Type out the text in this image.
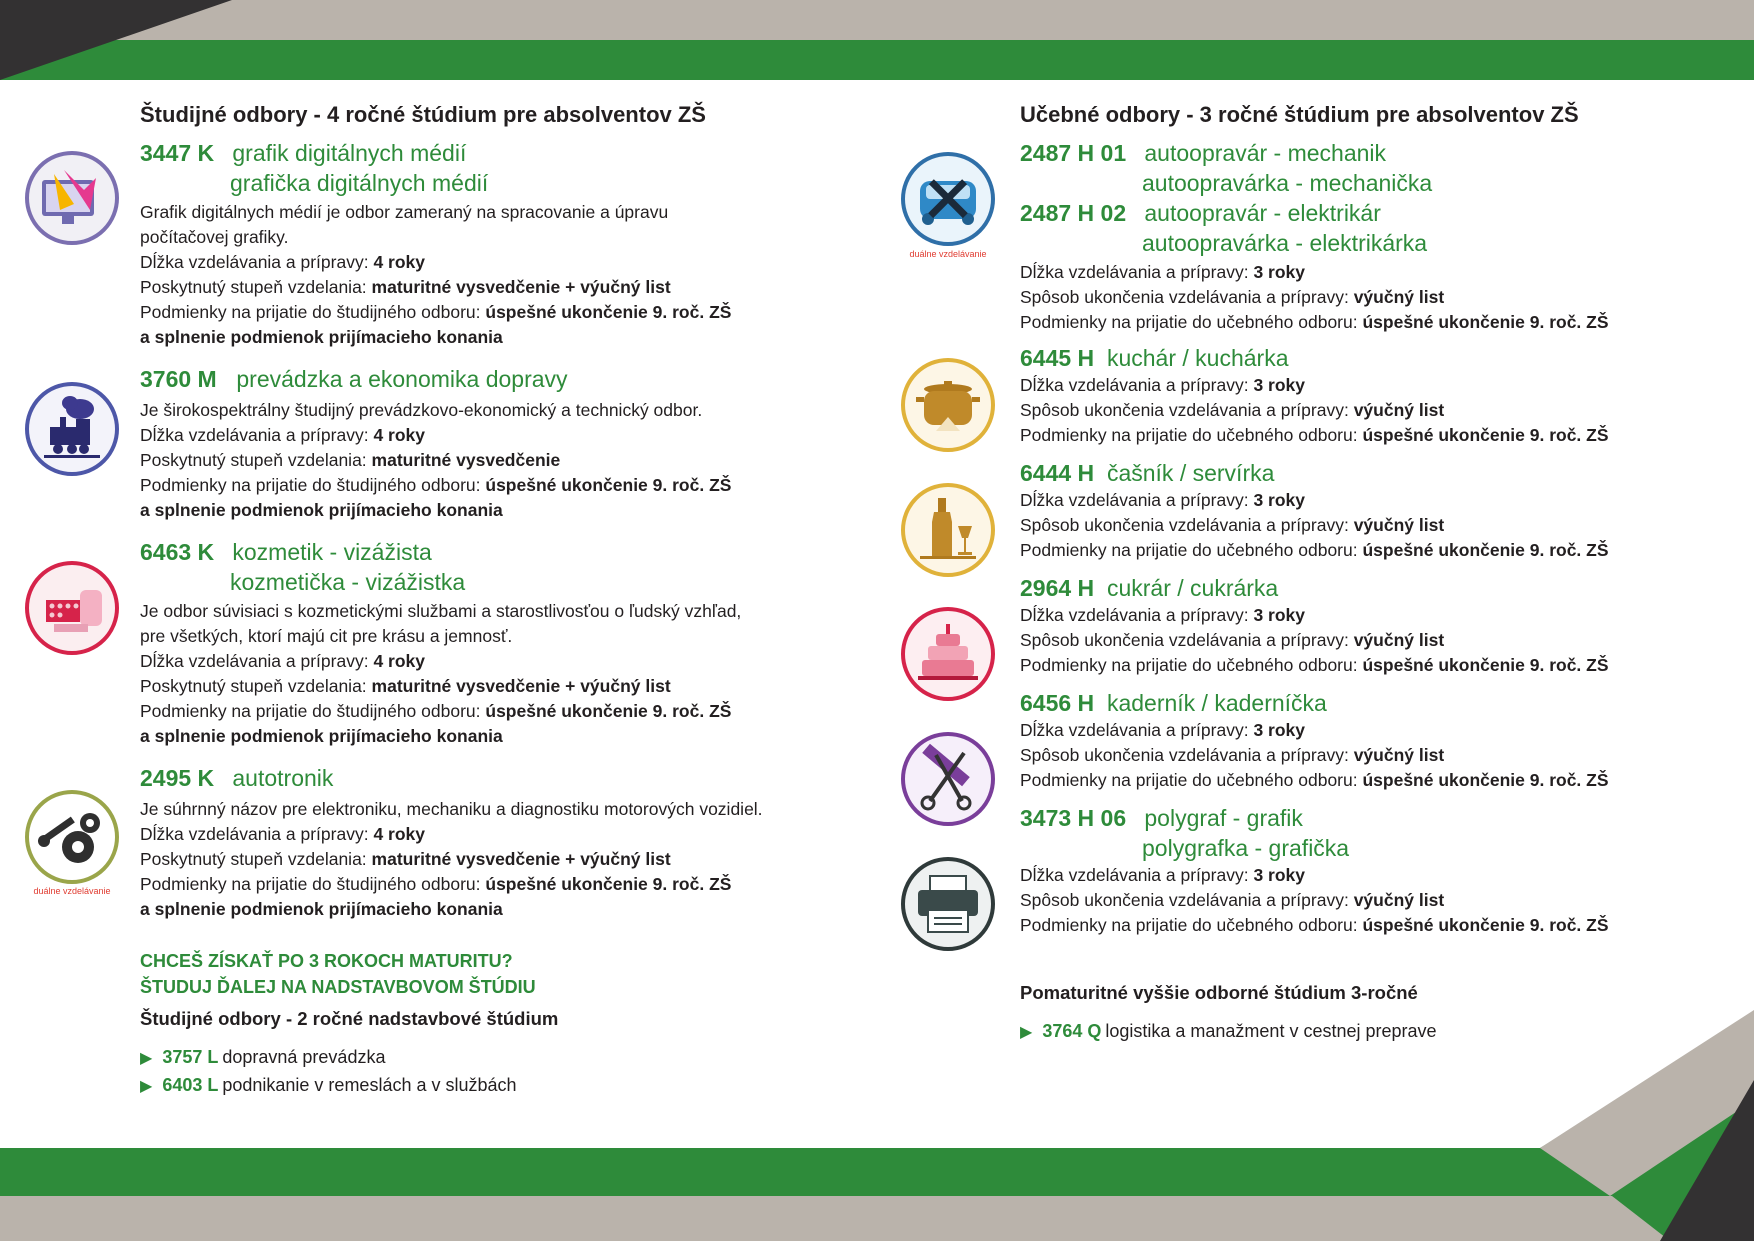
duálne vzdelávanie
duálne vzdelávanie
Študijné odbory - 4 ročné štúdium pre absolventov ZŠ
3447 K grafik digitálnych médií
grafička digitálnych médií
Grafik digitálnych médií je odbor zameraný na spracovanie a úpravu
počítačovej grafiky.
Dĺžka vzdelávania a prípravy: 4 roky
Poskytnutý stupeň vzdelania: maturitné vysvedčenie + výučný list
Podmienky na prijatie do študijného odboru: úspešné ukončenie 9. roč. ZŠ
a splnenie podmienok prijímacieho konania
3760 M prevádzka a ekonomika dopravy
Je širokospektrálny študijný prevádzkovo-ekonomický a technický odbor.
Dĺžka vzdelávania a prípravy: 4 roky
Poskytnutý stupeň vzdelania: maturitné vysvedčenie
Podmienky na prijatie do študijného odboru: úspešné ukončenie 9. roč. ZŠ
a splnenie podmienok prijímacieho konania
6463 K kozmetik - vizážista
kozmetička - vizážistka
Je odbor súvisiaci s kozmetickými službami a starostlivosťou o ľudský vzhľad,
pre všetkých, ktorí majú cit pre krásu a jemnosť.
Dĺžka vzdelávania a prípravy: 4 roky
Poskytnutý stupeň vzdelania: maturitné vysvedčenie + výučný list
Podmienky na prijatie do študijného odboru: úspešné ukončenie 9. roč. ZŠ
a splnenie podmienok prijímacieho konania
2495 K autotronik
Je súhrnný názov pre elektroniku, mechaniku a diagnostiku motorových vozidiel.
Dĺžka vzdelávania a prípravy: 4 roky
Poskytnutý stupeň vzdelania: maturitné vysvedčenie + výučný list
Podmienky na prijatie do študijného odboru: úspešné ukončenie 9. roč. ZŠ
a splnenie podmienok prijímacieho konania
CHCEŠ ZÍSKAŤ PO 3 ROKOCH MATURITU?
ŠTUDUJ ĎALEJ NA NADSTAVBOVOM ŠTÚDIU
Študijné odbory - 2 ročné nadstavbové štúdium
▶ 3757 L dopravná prevádzka
▶ 6403 L podnikanie v remeslách a v službách
Učebné odbory - 3 ročné štúdium pre absolventov ZŠ
2487 H 01 autoopravár - mechanik
autoopravárka - mechanička
2487 H 02 autoopravár - elektrikár
autoopravárka - elektrikárka
Dĺžka vzdelávania a prípravy: 3 roky
Spôsob ukončenia vzdelávania a prípravy: výučný list
Podmienky na prijatie do učebného odboru: úspešné ukončenie 9. roč. ZŠ
6445 H kuchár / kuchárka
Dĺžka vzdelávania a prípravy: 3 roky
Spôsob ukončenia vzdelávania a prípravy: výučný list
Podmienky na prijatie do učebného odboru: úspešné ukončenie 9. roč. ZŠ
6444 H čašník / servírka
Dĺžka vzdelávania a prípravy: 3 roky
Spôsob ukončenia vzdelávania a prípravy: výučný list
Podmienky na prijatie do učebného odboru: úspešné ukončenie 9. roč. ZŠ
2964 H cukrár / cukrárka
Dĺžka vzdelávania a prípravy: 3 roky
Spôsob ukončenia vzdelávania a prípravy: výučný list
Podmienky na prijatie do učebného odboru: úspešné ukončenie 9. roč. ZŠ
6456 H kaderník / kaderníčka
Dĺžka vzdelávania a prípravy: 3 roky
Spôsob ukončenia vzdelávania a prípravy: výučný list
Podmienky na prijatie do učebného odboru: úspešné ukončenie 9. roč. ZŠ
3473 H 06 polygraf - grafik
polygrafka - grafička
Dĺžka vzdelávania a prípravy: 3 roky
Spôsob ukončenia vzdelávania a prípravy: výučný list
Podmienky na prijatie do učebného odboru: úspešné ukončenie 9. roč. ZŠ
Pomaturitné vyššie odborné štúdium 3-ročné
▶ 3764 Q logistika a manažment v cestnej preprave
